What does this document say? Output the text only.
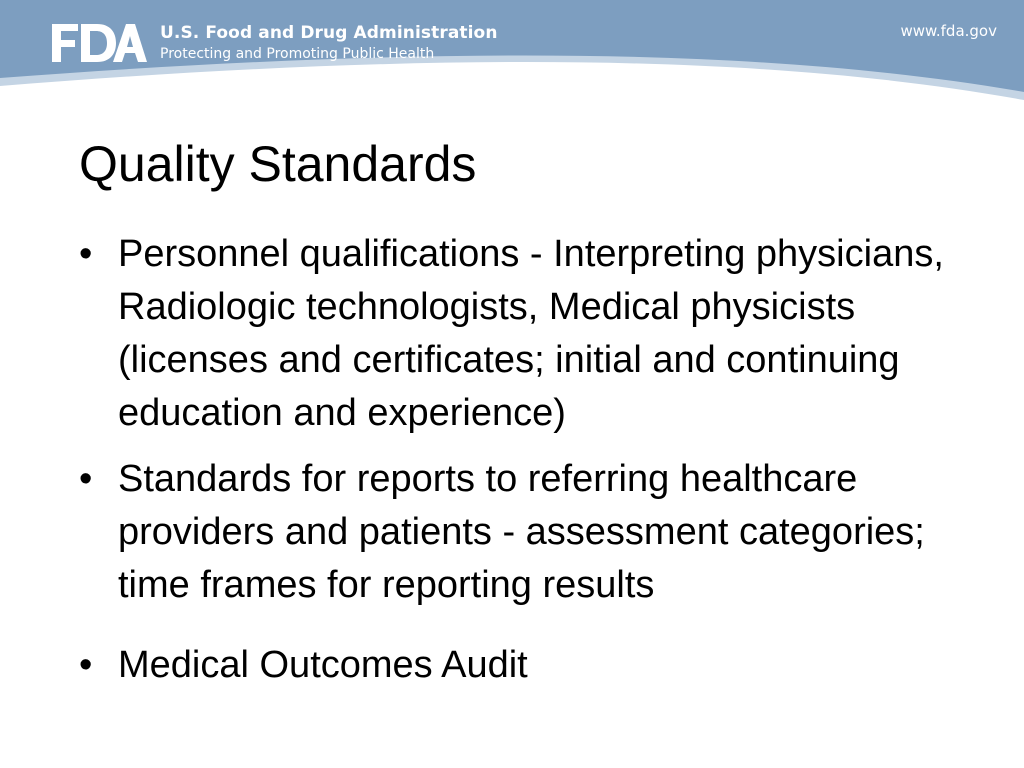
U.S. Food and Drug Administration
Protecting and Promoting Public Health
www.fda.gov
Quality Standards
• Personnel qualifications - Interpreting physicians, Radiologic technologists, Medical physicists (licenses and certificates; initial and continuing education and experience)
• Standards for reports to referring healthcare providers and patients - assessment categories; time frames for reporting results
• Medical Outcomes Audit
